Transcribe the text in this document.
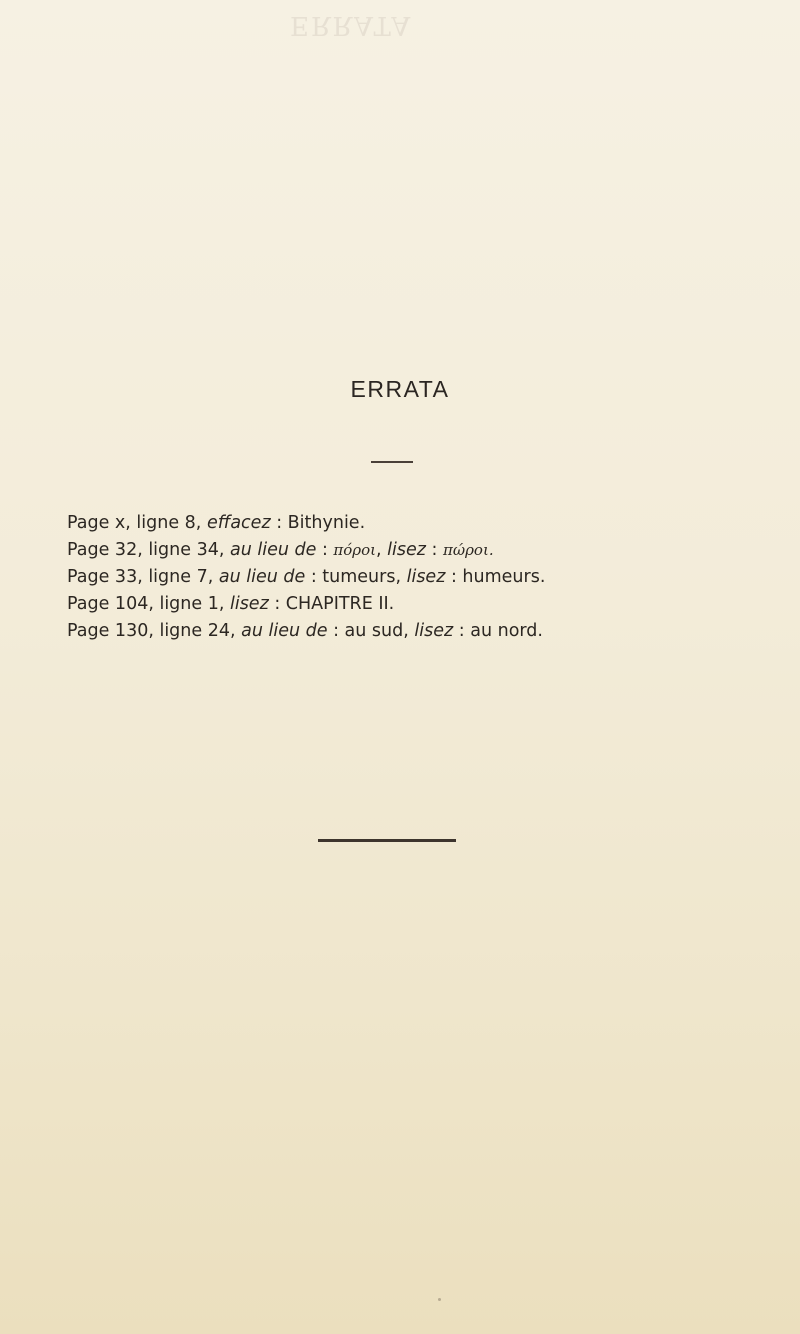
ERRATA
ERRATA
Page x, ligne 8, effacez : Bithynie.
Page 32, ligne 34, au lieu de : πόροι, lisez : πώροι.
Page 33, ligne 7, au lieu de : tumeurs, lisez : humeurs.
Page 104, ligne 1, lisez : CHAPITRE II.
Page 130, ligne 24, au lieu de : au sud, lisez : au nord.
